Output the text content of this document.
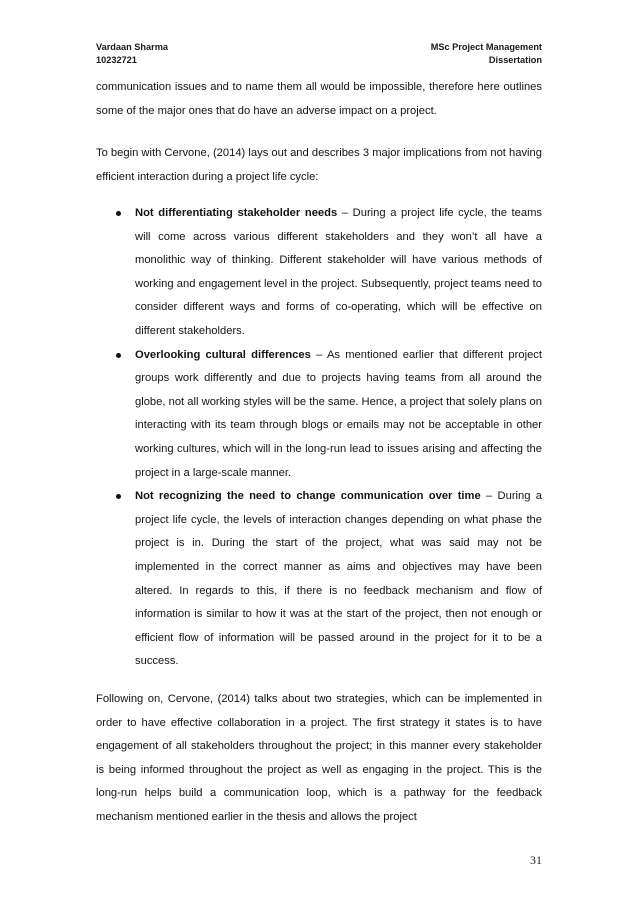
Vardaan Sharma
10232721
MSc Project Management
Dissertation

communication issues and to name them all would be impossible, therefore here outlines some of the major ones that do have an adverse impact on a project.

To begin with Cervone, (2014) lays out and describes 3 major implications from not having efficient interaction during a project life cycle:

Not differentiating stakeholder needs – During a project life cycle, the teams will come across various different stakeholders and they won’t all have a monolithic way of thinking. Different stakeholder will have various methods of working and engagement level in the project. Subsequently, project teams need to consider different ways and forms of co-operating, which will be effective on different stakeholders.
Overlooking cultural differences – As mentioned earlier that different project groups work differently and due to projects having teams from all around the globe, not all working styles will be the same. Hence, a project that solely plans on interacting with its team through blogs or emails may not be acceptable in other working cultures, which will in the long-run lead to issues arising and affecting the project in a large-scale manner.
Not recognizing the need to change communication over time – During a project life cycle, the levels of interaction changes depending on what phase the project is in. During the start of the project, what was said may not be implemented in the correct manner as aims and objectives may have been altered. In regards to this, if there is no feedback mechanism and flow of information is similar to how it was at the start of the project, then not enough or efficient flow of information will be passed around in the project for it to be a success.

Following on, Cervone, (2014) talks about two strategies, which can be implemented in order to have effective collaboration in a project. The first strategy it states is to have engagement of all stakeholders throughout the project; in this manner every stakeholder is being informed throughout the project as well as engaging in the project. This is the long-run helps build a communication loop, which is a pathway for the feedback mechanism mentioned earlier in the thesis and allows the project

31
